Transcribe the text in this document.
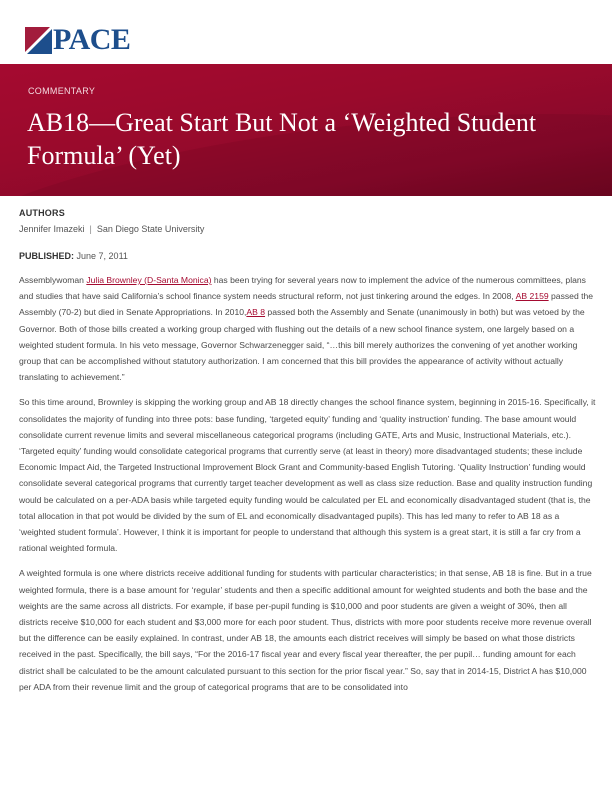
PACE
COMMENTARY
AB18—Great Start But Not a ‘Weighted Student Formula’ (Yet)
AUTHORS
Jennifer Imazeki | San Diego State University
PUBLISHED: June 7, 2011

Assemblywoman Julia Brownley (D-Santa Monica) has been trying for several years now to implement the advice of the numerous committees, plans and studies that have said California’s school finance system needs structural reform, not just tinkering around the edges. In 2008, AB 2159 passed the Assembly (70-2) but died in Senate Appropriations. In 2010,AB 8 passed both the Assembly and Senate (unanimously in both) but was vetoed by the Governor. Both of those bills created a working group charged with flushing out the details of a new school finance system, one largely based on a weighted student formula. In his veto message, Governor Schwarzenegger said, “…this bill merely authorizes the convening of yet another working group that can be accomplished without statutory authorization. I am concerned that this bill provides the appearance of activity without actually translating to achievement.”

So this time around, Brownley is skipping the working group and AB 18 directly changes the school finance system, beginning in 2015-16. Specifically, it consolidates the majority of funding into three pots: base funding, ‘targeted equity’ funding and ‘quality instruction’ funding. The base amount would consolidate current revenue limits and several miscellaneous categorical programs (including GATE, Arts and Music, Instructional Materials, etc.). ‘Targeted equity’ funding would consolidate categorical programs that currently serve (at least in theory) more disadvantaged students; these include Economic Impact Aid, the Targeted Instructional Improvement Block Grant and Community-based English Tutoring. ‘Quality Instruction’ funding would consolidate several categorical programs that currently target teacher development as well as class size reduction. Base and quality instruction funding would be calculated on a per-ADA basis while targeted equity funding would be calculated per EL and economically disadvantaged student (that is, the total allocation in that pot would be divided by the sum of EL and economically disadvantaged pupils). This has led many to refer to AB 18 as a ‘weighted student formula’. However, I think it is important for people to understand that although this system is a great start, it is still a far cry from a rational weighted formula.

A weighted formula is one where districts receive additional funding for students with particular characteristics; in that sense, AB 18 is fine. But in a true weighted formula, there is a base amount for ‘regular’ students and then a specific additional amount for weighted students and both the base and the weights are the same across all districts. For example, if base per-pupil funding is $10,000 and poor students are given a weight of 30%, then all districts receive $10,000 for each student and $3,000 more for each poor student. Thus, districts with more poor students receive more revenue overall but the difference can be easily explained. In contrast, under AB 18, the amounts each district receives will simply be based on what those districts received in the past. Specifically, the bill says, “For the 2016-17 fiscal year and every fiscal year thereafter, the per pupil… funding amount for each district shall be calculated to be the amount calculated pursuant to this section for the prior fiscal year.” So, say that in 2014-15, District A has $10,000 per ADA from their revenue limit and the group of categorical programs that are to be consolidated into
